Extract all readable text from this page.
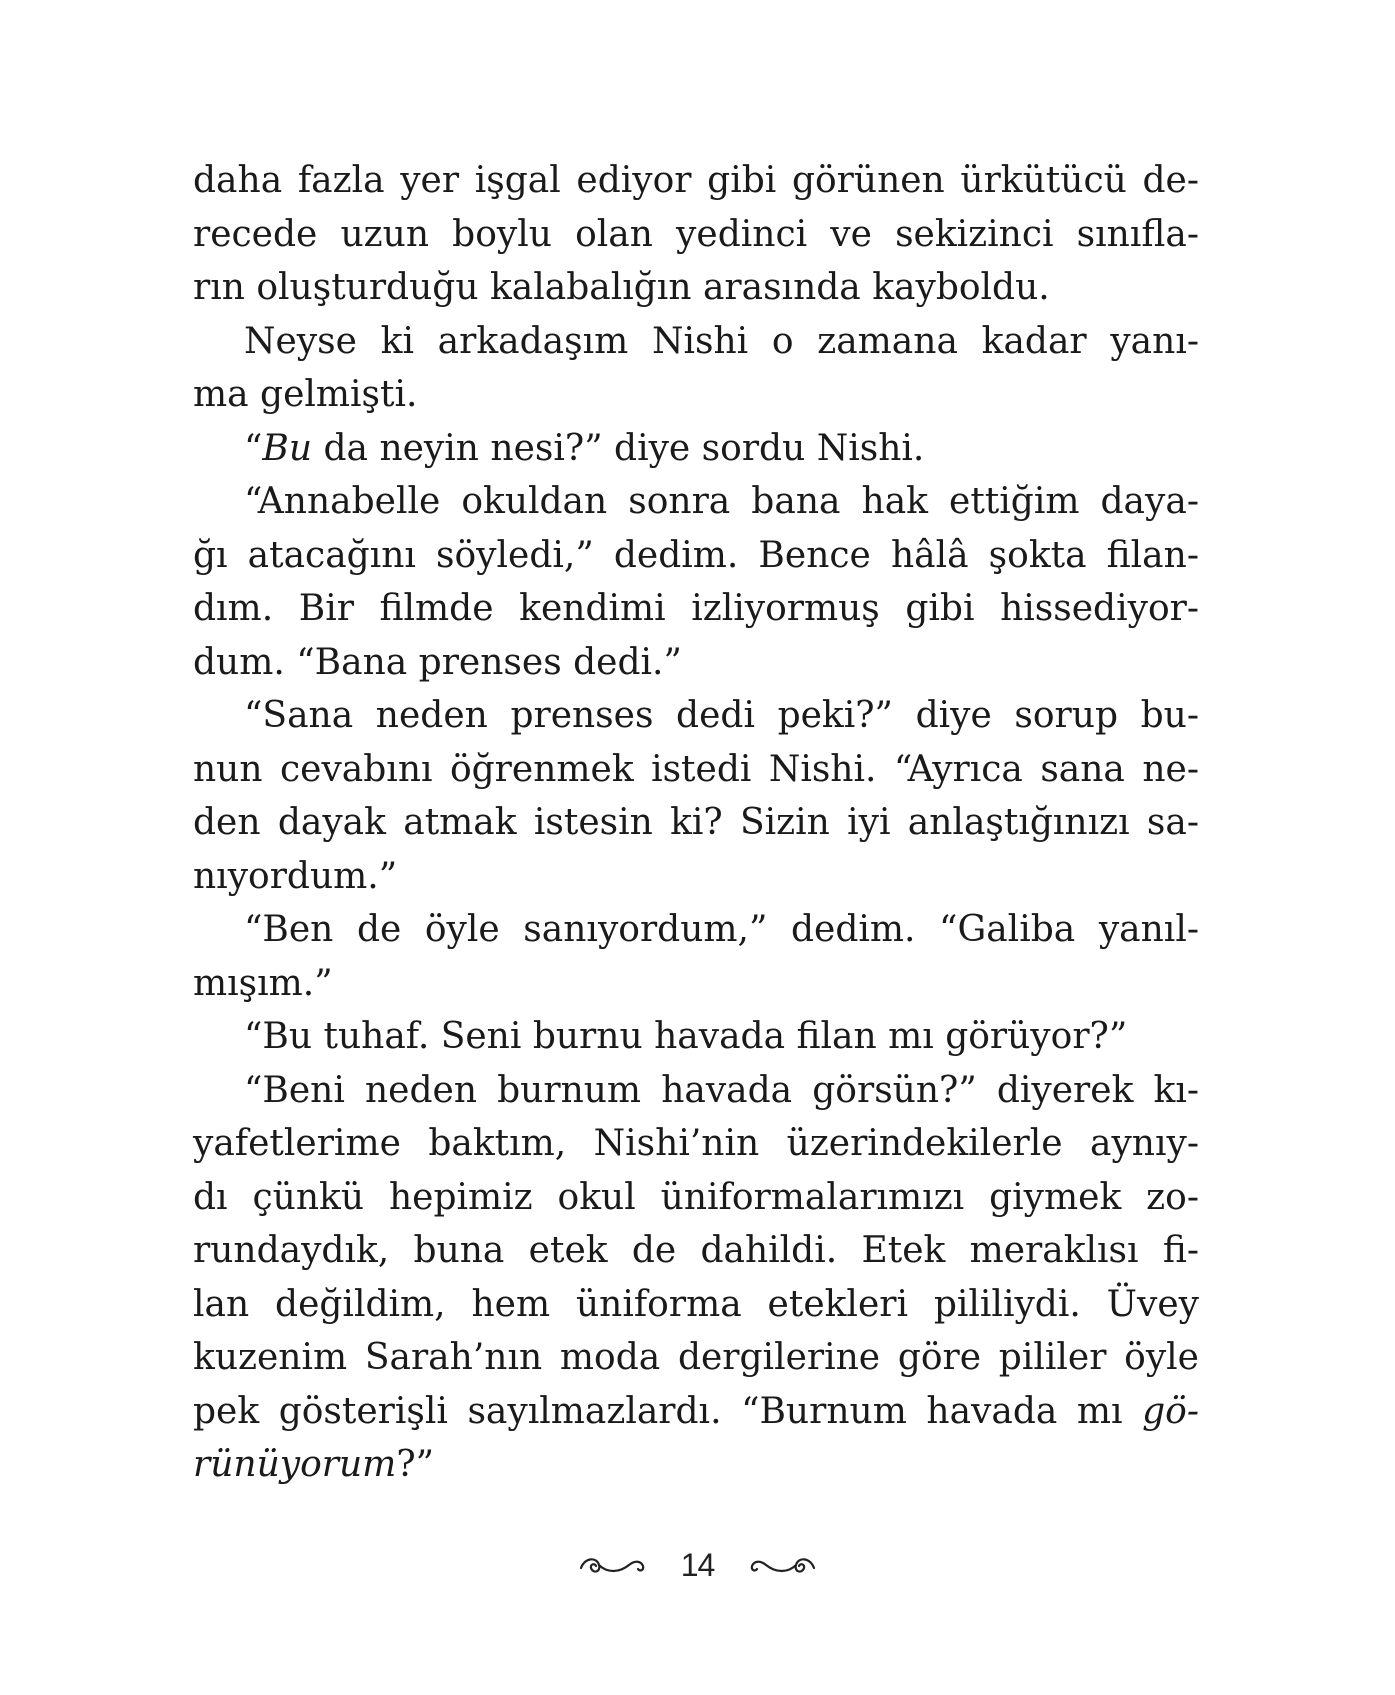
daha fazla yer işgal ediyor gibi görünen ürkütücü de-
recede uzun boylu olan yedinci ve sekizinci sınıfla-
rın oluşturduğu kalabalığın arasında kayboldu.
Neyse ki arkadaşım Nishi o zamana kadar yanı-
ma gelmişti.
“Bu da neyin nesi?” diye sordu Nishi.
“Annabelle okuldan sonra bana hak ettiğim daya-
ğı atacağını söyledi,” dedim. Bence hâlâ şokta filan-
dım. Bir filmde kendimi izliyormuş gibi hissediyor-
dum. “Bana prenses dedi.”
“Sana neden prenses dedi peki?” diye sorup bu-
nun cevabını öğrenmek istedi Nishi. “Ayrıca sana ne-
den dayak atmak istesin ki? Sizin iyi anlaştığınızı sa-
nıyordum.”
“Ben de öyle sanıyordum,” dedim. “Galiba yanıl-
mışım.”
“Bu tuhaf. Seni burnu havada filan mı görüyor?”
“Beni neden burnum havada görsün?” diyerek kı-
yafetlerime baktım, Nishi’nin üzerindekilerle aynıy-
dı çünkü hepimiz okul üniformalarımızı giymek zo-
rundaydık, buna etek de dahildi. Etek meraklısı fi-
lan değildim, hem üniforma etekleri pililiydi. Üvey
kuzenim Sarah’nın moda dergilerine göre pililer öyle
pek gösterişli sayılmazlardı. “Burnum havada mı gö-
rünüyorum?”
14
